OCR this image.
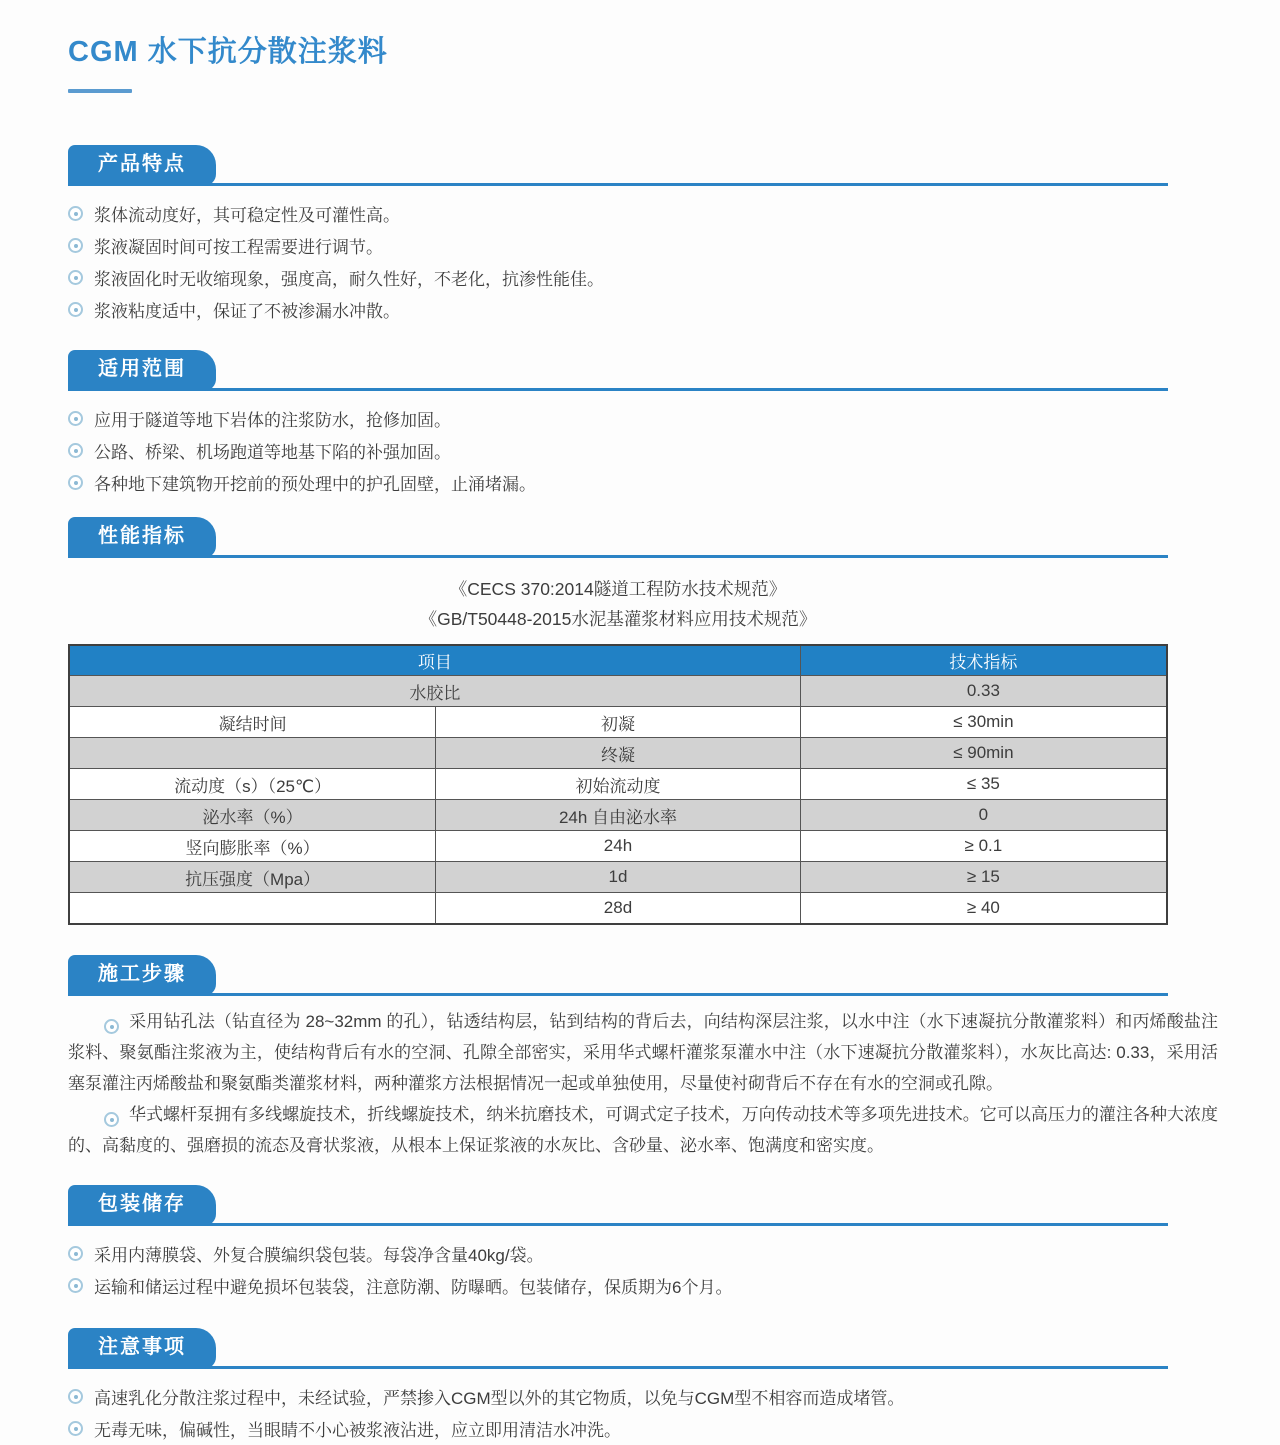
CGM 水下抗分散注浆料
产品特点
浆体流动度好，其可稳定性及可灌性高。
浆液凝固时间可按工程需要进行调节。
浆液固化时无收缩现象，强度高，耐久性好，不老化，抗渗性能佳。
浆液粘度适中，保证了不被渗漏水冲散。
适用范围
应用于隧道等地下岩体的注浆防水，抢修加固。
公路、桥梁、机场跑道等地基下陷的补强加固。
各种地下建筑物开挖前的预处理中的护孔固壁，止涌堵漏。
性能指标
《CECS 370:2014隧道工程防水技术规范》
《GB/T50448-2015水泥基灌浆材料应用技术规范》
项目		技术指标
水胶比		0.33
凝结时间	初凝	≤ 30min
	终凝	≤ 90min
流动度（s）（25℃）	初始流动度	≤ 35
泌水率（%）	24h 自由泌水率	0
竖向膨胀率（%）	24h	≥ 0.1
抗压强度（Mpa）	1d	≥ 15
	28d	≥ 40
施工步骤

采用钻孔法（钻直径为 28~32mm 的孔），钻透结构层，钻到结构的背后去，向结构深层注浆，以水中注（水下速凝抗分散灌浆料）和丙烯酸盐注浆料、聚氨酯注浆液为主，使结构背后有水的空洞、孔隙全部密实，采用华式螺杆灌浆泵灌水中注（水下速凝抗分散灌浆料），水灰比高达: 0.33，采用活塞泵灌注丙烯酸盐和聚氨酯类灌浆材料，两种灌浆方法根据情况一起或单独使用，尽量使衬砌背后不存在有水的空洞或孔隙。

华式螺杆泵拥有多线螺旋技术，折线螺旋技术，纳米抗磨技术，可调式定子技术，万向传动技术等多项先进技术。它可以高压力的灌注各种大浓度的、高黏度的、强磨损的流态及膏状浆液，从根本上保证浆液的水灰比、含砂量、泌水率、饱满度和密实度。

包装储存
采用内薄膜袋、外复合膜编织袋包装。每袋净含量40kg/袋。
运输和储运过程中避免损坏包装袋，注意防潮、防曝晒。包装储存，保质期为6个月。
注意事项
高速乳化分散注浆过程中，未经试验，严禁掺入CGM型以外的其它物质，以免与CGM型不相容而造成堵管。
无毒无味，偏碱性，当眼睛不小心被浆液沾进，应立即用清洁水冲洗。
